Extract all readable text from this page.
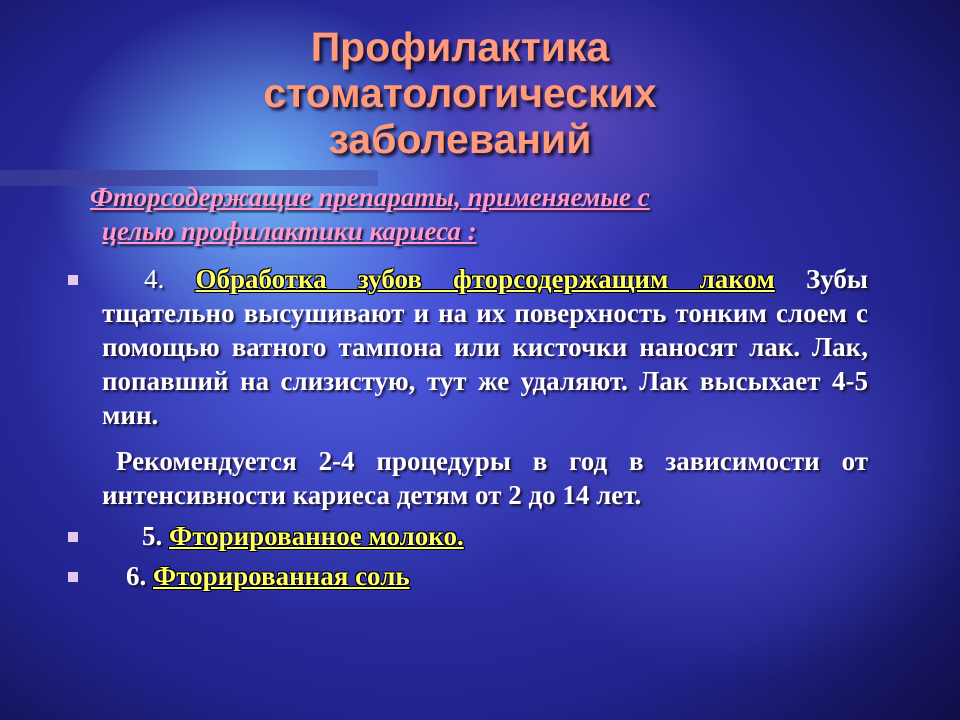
Профилактика
стоматологических
заболеваний

Фторсодержащие препараты, применяемые с
целью профилактики кариеса :

4. Обработка зубов фторсодержащим лаком Зубы тщательно высушивают и на их поверхность тонким слоем с помощью ватного тампона или кисточки наносят лак. Лак, попавший на слизистую, тут же удаляют. Лак высыхает 4-5 мин.

Рекомендуется 2-4 процедуры в год в зависимости от интенсивности кариеса детям от 2 до 14 лет.

5. Фторированное молоко.

6. Фторированная соль
